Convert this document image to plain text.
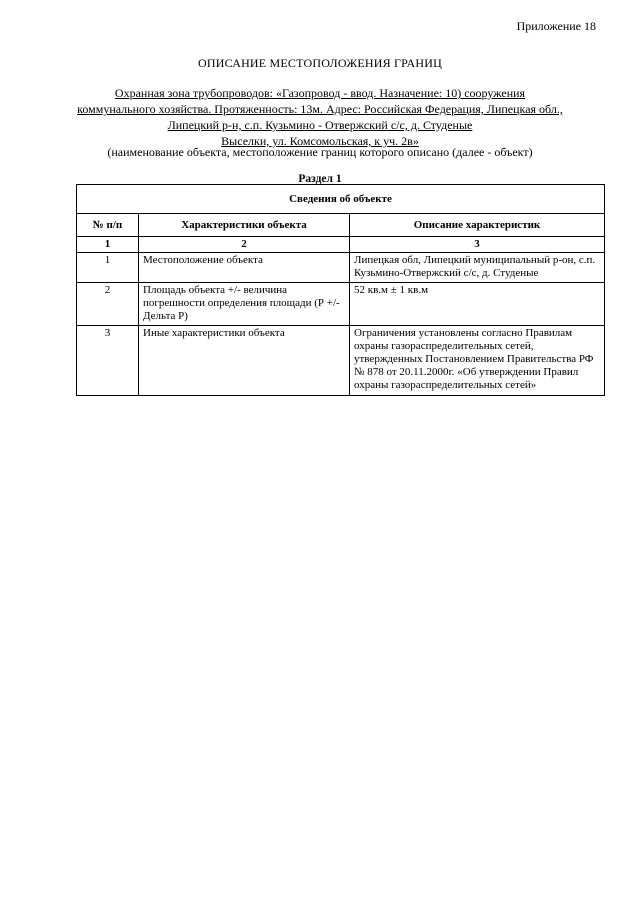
Приложение 18
ОПИСАНИЕ МЕСТОПОЛОЖЕНИЯ ГРАНИЦ
Охранная зона трубопроводов: «Газопровод - ввод. Назначение: 10) сооружения
коммунального хозяйства. Протяженность: 13м. Адрес: Российская Федерация, Липецкая обл.,
Липецкий р-н, с.п. Кузьмино - Отвержский с/с, д. Студеные
Выселки, ул. Комсомольская, к уч. 2в»
(наименование объекта, местоположение границ которого описано (далее - объект)
Раздел 1
Сведения об объекте		
№ п/п	Характеристики объекта	Описание характеристик
1	2	3
1	Местоположение объекта	Липецкая обл, Липецкий муниципальный р-он, с.п. Кузьмино-Отвержский с/с, д. Студеные
2	Площадь объекта +/- величина погрешности определения площади (Р +/- Дельта Р)	52 кв.м ± 1 кв.м
3	Иные характеристики объекта	Ограничения установлены согласно Правилам охраны газораспределительных сетей, утвержденных Постановлением Правительства РФ № 878 от 20.11.2000г. «Об утверждении Правил охраны газораспределительных сетей»
